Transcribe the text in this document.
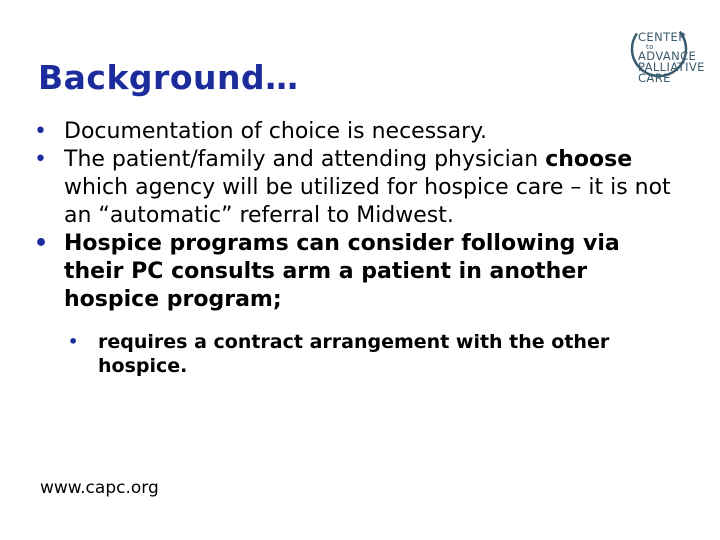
Background…
CENTER
to
ADVANCE
PALLIATIVE
CARE
• Documentation of choice is necessary.
• The patient/family and attending physician choose which agency will be utilized for hospice care – it is not an “automatic” referral to Midwest.
• Hospice programs can consider following via their PC consults arm a patient in another hospice program;
• requires a contract arrangement with the other hospice.
www.capc.org
